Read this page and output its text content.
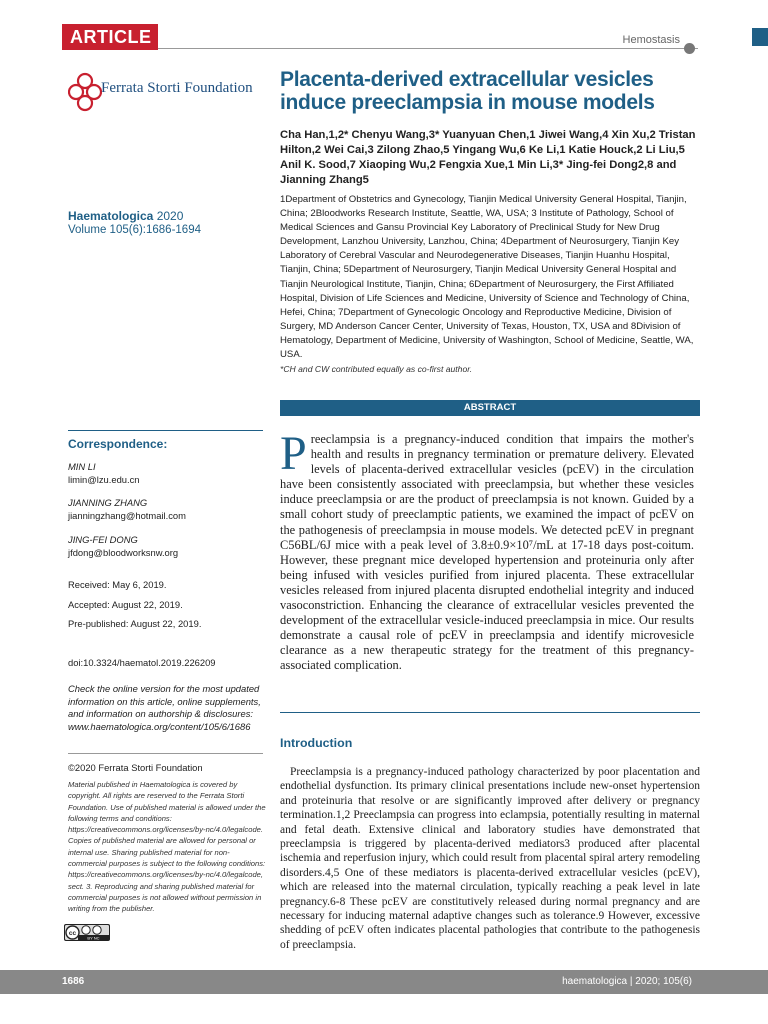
ARTICLE	Hemostasis
Ferrata Storti Foundation Placenta-derived extracellular vesicles induce preeclampsia in mouse models
Cha Han,1,2* Chenyu Wang,3* Yuanyuan Chen,1 Jiwei Wang,4 Xin Xu,2 Tristan Hilton,2 Wei Cai,3 Zilong Zhao,5 Yingang Wu,6 Ke Li,1 Katie Houck,2 Li Liu,5 Anil K. Sood,7 Xiaoping Wu,2 Fengxia Xue,1 Min Li,3* Jing-fei Dong2,8 and Jianning Zhang5
1Department of Obstetrics and Gynecology, Tianjin Medical University General Hospital, Tianjin, China; 2Bloodworks Research Institute, Seattle, WA, USA; 3 Institute of Pathology, School of Medical Sciences and Gansu Provincial Key Laboratory of Preclinical Study for New Drug Development, Lanzhou University, Lanzhou, China; 4Department of Neurosurgery, Tianjin Key Laboratory of Cerebral Vascular and Neurodegenerative Diseases, Tianjin Huanhu Hospital, Tianjin, China; 5Department of Neurosurgery, Tianjin Medical University General Hospital and Tianjin Neurological Institute, Tianjin, China; 6Department of Neurosurgery, the First Affiliated Hospital, Division of Life Sciences and Medicine, University of Science and Technology of China, Hefei, China; 7Department of Gynecologic Oncology and Reproductive Medicine, Division of Surgery, MD Anderson Cancer Center, University of Texas, Houston, TX, USA and 8Division of Hematology, Department of Medicine, University of Washington, School of Medicine, Seattle, WA, USA.
*CH and CW contributed equally as co-first author.
ABSTRACT
Preeclampsia is a pregnancy-induced condition that impairs the mother's health and results in pregnancy termination or premature delivery. Elevated levels of placenta-derived extracellular vesicles (pcEV) in the circulation have been consistently associated with preeclampsia, but whether these vesicles induce preeclampsia or are the product of preeclampsia is not known. Guided by a small cohort study of preeclamptic patients, we examined the impact of pcEV on the pathogenesis of preeclampsia in mouse models. We detected pcEV in pregnant C56BL/6J mice with a peak level of 3.8±0.9×10⁷/mL at 17-18 days post-coitum. However, these pregnant mice developed hypertension and proteinuria only after being infused with vesicles purified from injured placenta. These extracellular vesicles released from injured placenta disrupted endothelial integrity and induced vasoconstriction. Enhancing the clearance of extracellular vesicles prevented the development of the extracellular vesicle-induced preeclampsia in mice. Our results demonstrate a causal role of pcEV in preeclampsia and identify microvesicle clearance as a new therapeutic strategy for the treatment of this pregnancy-associated complication.
Introduction
Preeclampsia is a pregnancy-induced pathology characterized by poor placentation and endothelial dysfunction. Its primary clinical presentations include new-onset hypertension and proteinuria that resolve or are significantly improved after delivery or pregnancy termination.1,2 Preeclampsia can progress into eclampsia, potentially resulting in maternal and fetal death. Extensive clinical and laboratory studies have demonstrated that preeclampsia is triggered by placenta-derived mediators3 produced after placental ischemia and reperfusion injury, which could result from placental spiral artery remodeling disorders.4,5 One of these mediators is placenta-derived extracellular vesicles (pcEV), which are released into the maternal circulation, typically reaching a peak level in late pregnancy.6-8 These pcEV are constitutively released during normal pregnancy and are necessary for inducing maternal adaptive changes such as tolerance.9 However, excessive shedding of pcEV often indicates placental pathologies that contribute to the pathogenesis of preeclampsia.
Haematologica 2020
Volume 105(6):1686-1694
Correspondence:
MIN LI
limin@lzu.edu.cn
JIANNING ZHANG
jianningzhang@hotmail.com
JING-FEI DONG
jfdong@bloodworksnw.org
Received: May 6, 2019.
Accepted: August 22, 2019.
Pre-published: August 22, 2019.
doi:10.3324/haematol.2019.226209
Check the online version for the most updated information on this article, online supplements, and information on authorship & disclosures: www.haematologica.org/content/105/6/1686
©2020 Ferrata Storti Foundation
Material published in Haematologica is covered by copyright. All rights are reserved to the Ferrata Storti Foundation. Use of published material is allowed under the following terms and conditions: https://creativecommons.org/licenses/by-nc/4.0/legalcode. Copies of published material are allowed for personal or internal use. Sharing published material for non-commercial purposes is subject to the following conditions: https://creativecommons.org/licenses/by-nc/4.0/legalcode, sect. 3. Reproducing and sharing published material for commercial purposes is not allowed without permission in writing from the publisher.
cc
BY NC
1686	haematologica | 2020; 105(6)
